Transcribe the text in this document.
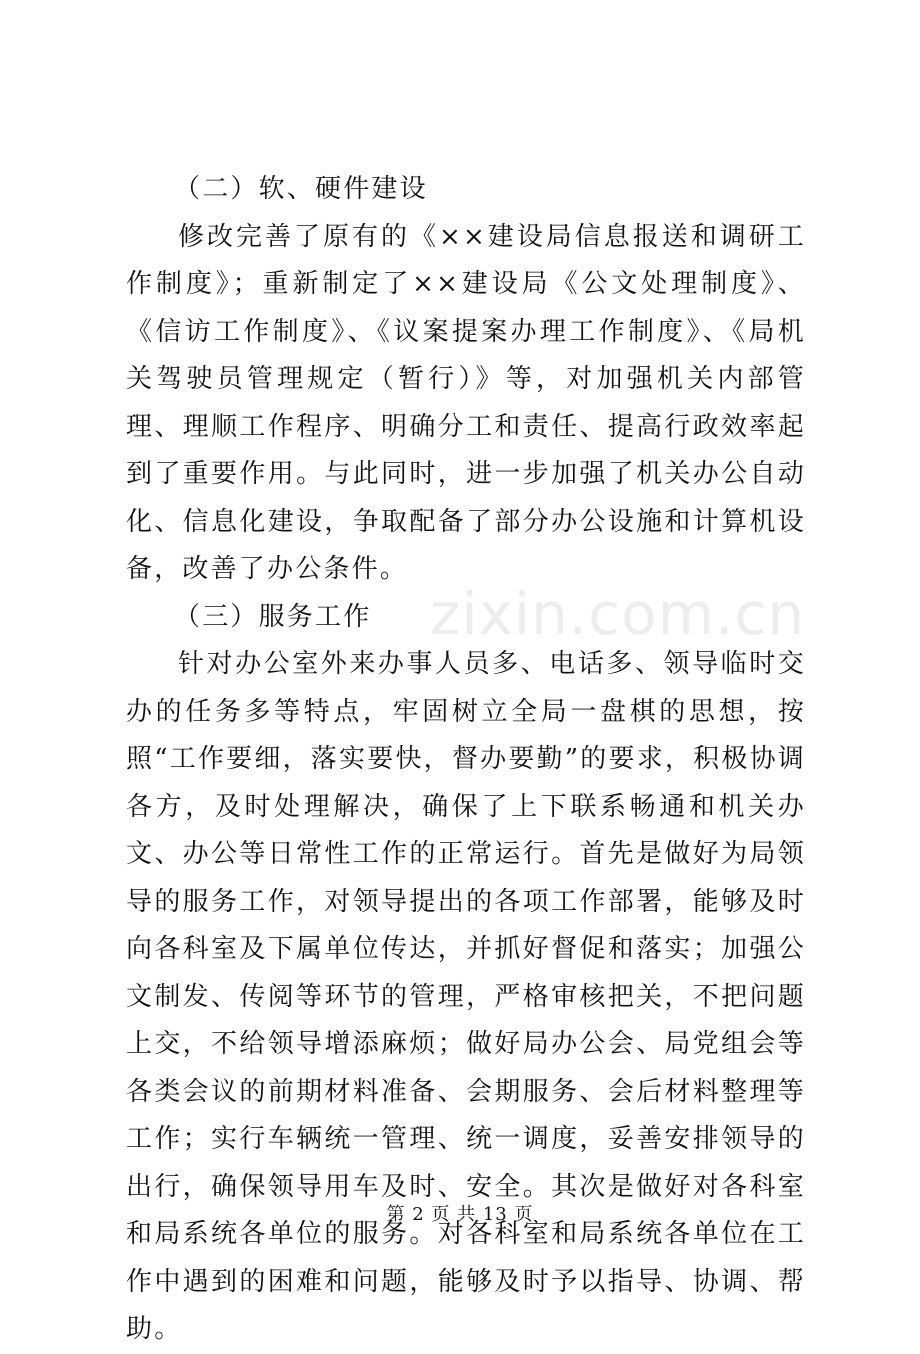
（二）软、硬件建设

修改完善了原有的《××建设局信息报送和调研工作制度》；重新制定了××建设局《公文处理制度》、《信访工作制度》、《议案提案办理工作制度》、《局机关驾驶员管理规定（暂行）》等，对加强机关内部管理、理顺工作程序、明确分工和责任、提高行政效率起到了重要作用。与此同时，进一步加强了机关办公自动化、信息化建设，争取配备了部分办公设施和计算机设备，改善了办公条件。

（三）服务工作

针对办公室外来办事人员多、电话多、领导临时交办的任务多等特点，牢固树立全局一盘棋的思想，按照“工作要细，落实要快，督办要勤”的要求，积极协调各方，及时处理解决，确保了上下联系畅通和机关办文、办公等日常性工作的正常运行。首先是做好为局领导的服务工作，对领导提出的各项工作部署，能够及时向各科室及下属单位传达，并抓好督促和落实；加强公文制发、传阅等环节的管理，严格审核把关，不把问题上交，不给领导增添麻烦；做好局办公会、局党组会等各类会议的前期材料准备、会期服务、会后材料整理等工作；实行车辆统一管理、统一调度，妥善安排领导的出行，确保领导用车及时、安全。其次是做好对各科室和局系统各单位的服务。对各科室和局系统各单位在工作中遇到的困难和问题，能够及时予以指导、协调、帮助。

zixin.com.cn
第 2 页 共 13 页
